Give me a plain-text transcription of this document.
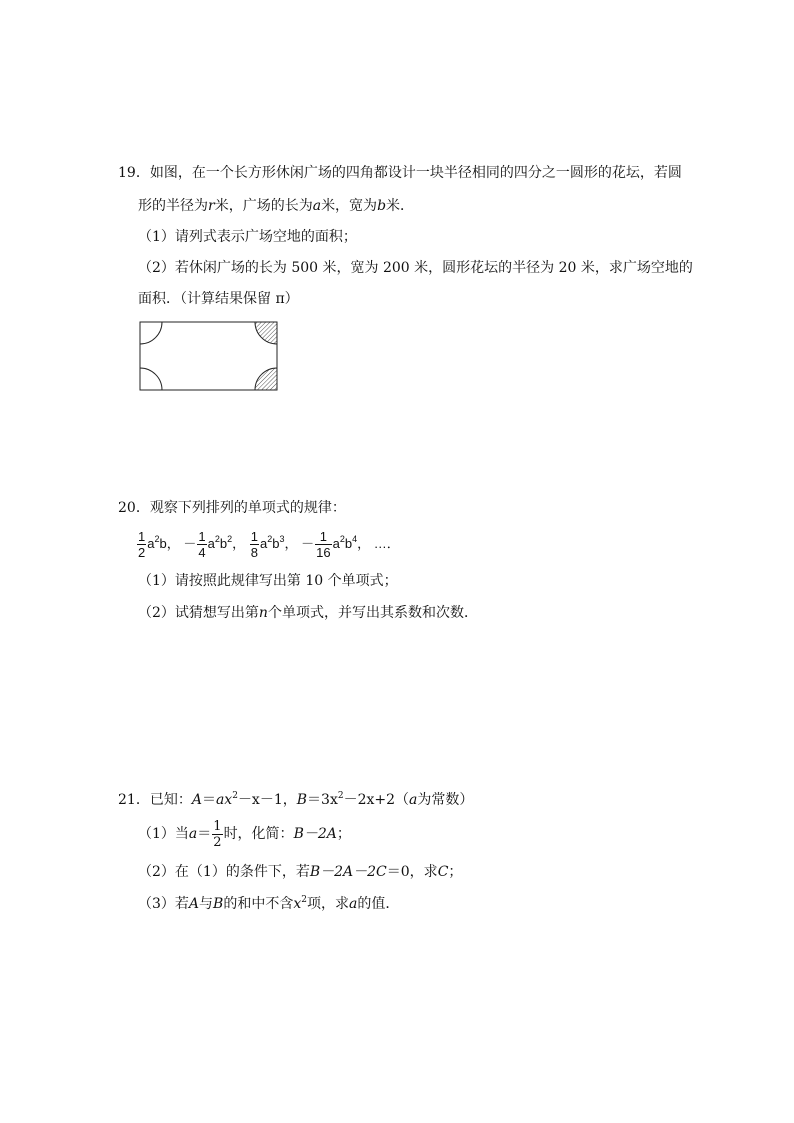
19．如图，在一个长方形休闲广场的四角都设计一块半径相同的四分之一圆形的花坛，若圆
形的半径为r米，广场的长为a米，宽为b米．
（1）请列式表示广场空地的面积；
（2）若休闲广场的长为 500 米，宽为 200 米，圆形花坛的半径为 20 米，求广场空地的
面积．（计算结果保留 π）
20．观察下列排列的单项式的规律：
$\frac{1}{2} a^2b$， － $\frac{1}{4} a^2b^2$， $\frac{1}{8} a^2b^3$， － $\frac{1}{16} a^2b^4$， …．
（1）请按照此规律写出第 10 个单项式；
（2）试猜想写出第n个单项式，并写出其系数和次数．
21．已知：$A=ax^2-x-1$，$B=3x^2-2x+2(a$为常数）
（1）当$a= \frac{1}{2}$ 时，化简：B－2A；
（2）在（1）的条件下，若B－2A－2C＝0，求C；
（3）若A与B的和中不含$x^2$项，求a的值．
